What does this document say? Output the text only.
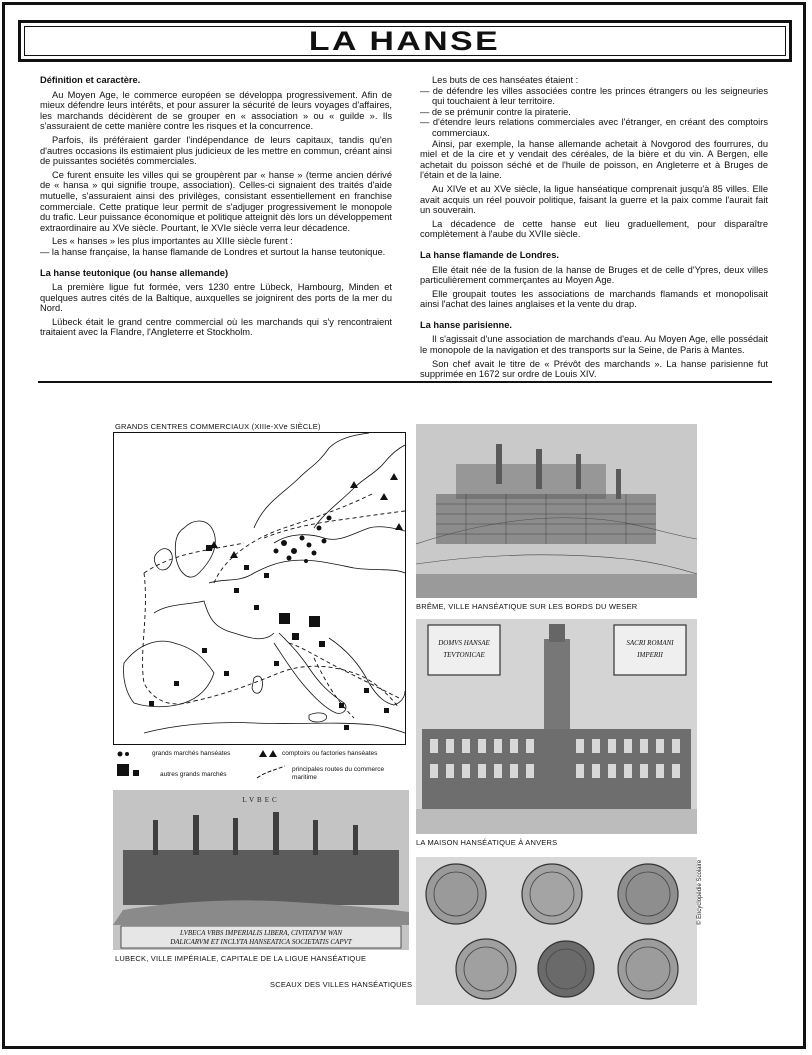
LA HANSE
Définition et caractère.

Au Moyen Age, le commerce européen se développa progressivement. Afin de mieux défendre leurs intérêts, et pour assurer la sécurité de leurs voyages d'affaires, les marchands décidèrent de se grouper en « association » ou « guilde ». Ils s'assuraient de cette manière contre les risques et la concurrence.

Parfois, ils préféraient garder l'indépendance de leurs capitaux, tandis qu'en d'autres occasions ils estimaient plus judicieux de les mettre en commun, créant ainsi de puissantes sociétés commerciales.

Ce furent ensuite les villes qui se groupèrent par « hanse » (terme ancien dérivé de « hansa » qui signifie troupe, association). Celles-ci signaient des traités d'aide mutuelle, s'assuraient ainsi des privilèges, consistant essentiellement en franchise commerciale. Cette pratique leur permit de s'adjuger progressivement le monopole du trafic. Leur puissance économique et politique atteignit dès lors un développement extraordinaire au XVe siècle. Pourtant, le XVIe siècle verra leur décadence.

Les « hanses » les plus importantes au XIIIe siècle furent :

— la hanse française, la hanse flamande de Londres et surtout la hanse teutonique.

La hanse teutonique (ou hanse allemande)

La première ligue fut formée, vers 1230 entre Lübeck, Hambourg, Minden et quelques autres cités de la Baltique, auxquelles se joignirent des ports de la mer du Nord.

Lübeck était le grand centre commercial où les marchands qui s'y rencontraient traitaient avec la Flandre, l'Angleterre et Stockholm.

Les buts de ces hanséates étaient :

— de défendre les villes associées contre les princes étrangers ou les seigneuries qui touchaient à leur territoire.

— de se prémunir contre la piraterie.

— d'étendre leurs relations commerciales avec l'étranger, en créant des comptoirs commerciaux.

Ainsi, par exemple, la hanse allemande achetait à Novgorod des fourrures, du miel et de la cire et y vendait des céréales, de la bière et du vin. A Bergen, elle achetait du poisson séché et de l'huile de poisson, en Angleterre et à Bruges de l'étain et de la laine.

Au XIVe et au XVe siècle, la ligue hanséatique comprenait jusqu'à 85 villes. Elle avait acquis un réel pouvoir politique, faisant la guerre et la paix comme l'aurait fait un souverain.

La décadence de cette hanse eut lieu graduellement, pour disparaître complètement à l'aube du XVIIe siècle.

La hanse flamande de Londres.

Elle était née de la fusion de la hanse de Bruges et de celle d'Ypres, deux villes particulièrement commerçantes au Moyen Age.

Elle groupait toutes les associations de marchands flamands et monopolisait ainsi l'achat des laines anglaises et la vente du drap.

La hanse parisienne.

Il s'agissait d'une association de marchands d'eau. Au Moyen Age, elle possédait le monopole de la navigation et des transports sur la Seine, de Paris à Mantes.

Son chef avait le titre de « Prévôt des marchands ». La hanse parisienne fut supprimée en 1672 sur ordre de Louis XIV.

GRANDS CENTRES COMMERCIAUX (XIIIe-XVe SIÈCLE)
grands marchés hanséates	comptoirs ou factories hanséates
autres grands marchés
principales routes du commerce maritime
BRÊME, VILLE HANSÉATIQUE SUR LES BORDS DU WESER
DOMVS HANSAE
TEVTONICAE
SACRI ROMANI
IMPERII
LA MAISON HANSÉATIQUE À ANVERS
LVBEC
LVBECA VRBS IMPERIALIS LIBERA, CIVITATVM WAN
DALICARVM ET INCLYTA HANSEATICA SOCIETATIS CAPVT
LUBECK, VILLE IMPÉRIALE, CAPITALE DE LA LIGUE HANSÉATIQUE
SCEAUX DES VILLES HANSÉATIQUES
© Encyclopédie Scolaire
